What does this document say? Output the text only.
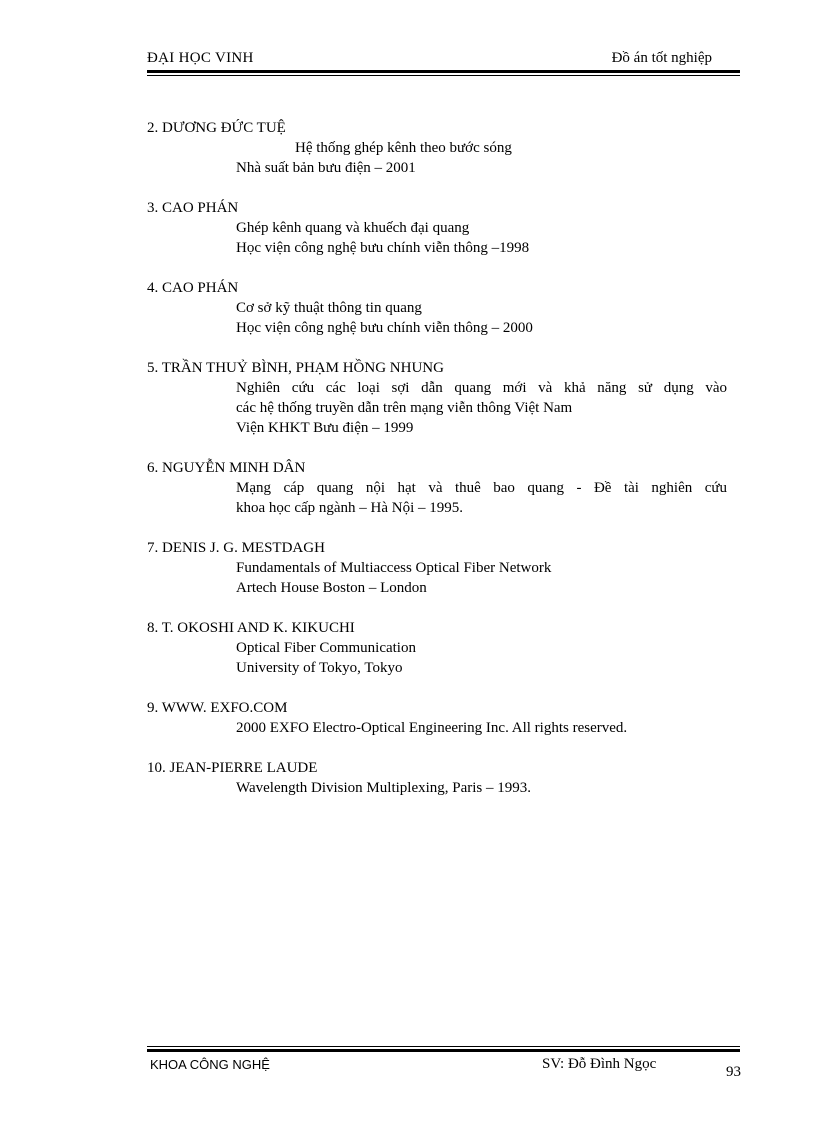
ĐẠI HỌC VINH	Đồ án tốt nghiệp
2. DƯƠNG ĐỨC TUỆ
Hệ thống ghép kênh theo bước sóng
Nhà suất bản bưu điện – 2001
3. CAO PHÁN
Ghép kênh quang và khuếch đại quang
Học viện công nghệ bưu chính viễn thông –1998
4. CAO PHÁN
Cơ sở kỹ thuật thông tin quang
Học viện công nghệ bưu chính viễn thông – 2000
5. TRẦN THUỶ BÌNH, PHẠM HỒNG NHUNG
Nghiên cứu các loại sợi dẫn quang mới và khả năng sử dụng vào
các hệ thống truyền dẫn trên mạng viễn thông Việt Nam
Viện KHKT Bưu điện – 1999
6. NGUYỄN MINH DÂN
Mạng cáp quang nội hạt và thuê bao quang - Đề tài nghiên cứu
khoa học cấp ngành – Hà Nội – 1995.
7. DENIS J. G. MESTDAGH
Fundamentals of Multiaccess Optical Fiber Network
Artech House Boston – London
8. T. OKOSHI AND K. KIKUCHI
Optical Fiber Communication
University of Tokyo, Tokyo
9. WWW. EXFO.COM
2000 EXFO Electro-Optical Engineering Inc. All rights reserved.
10. JEAN-PIERRE LAUDE
Wavelength Division Multiplexing, Paris – 1993.
KHOA CÔNG NGHỆ	SV: Đỗ Đình Ngọc	93
